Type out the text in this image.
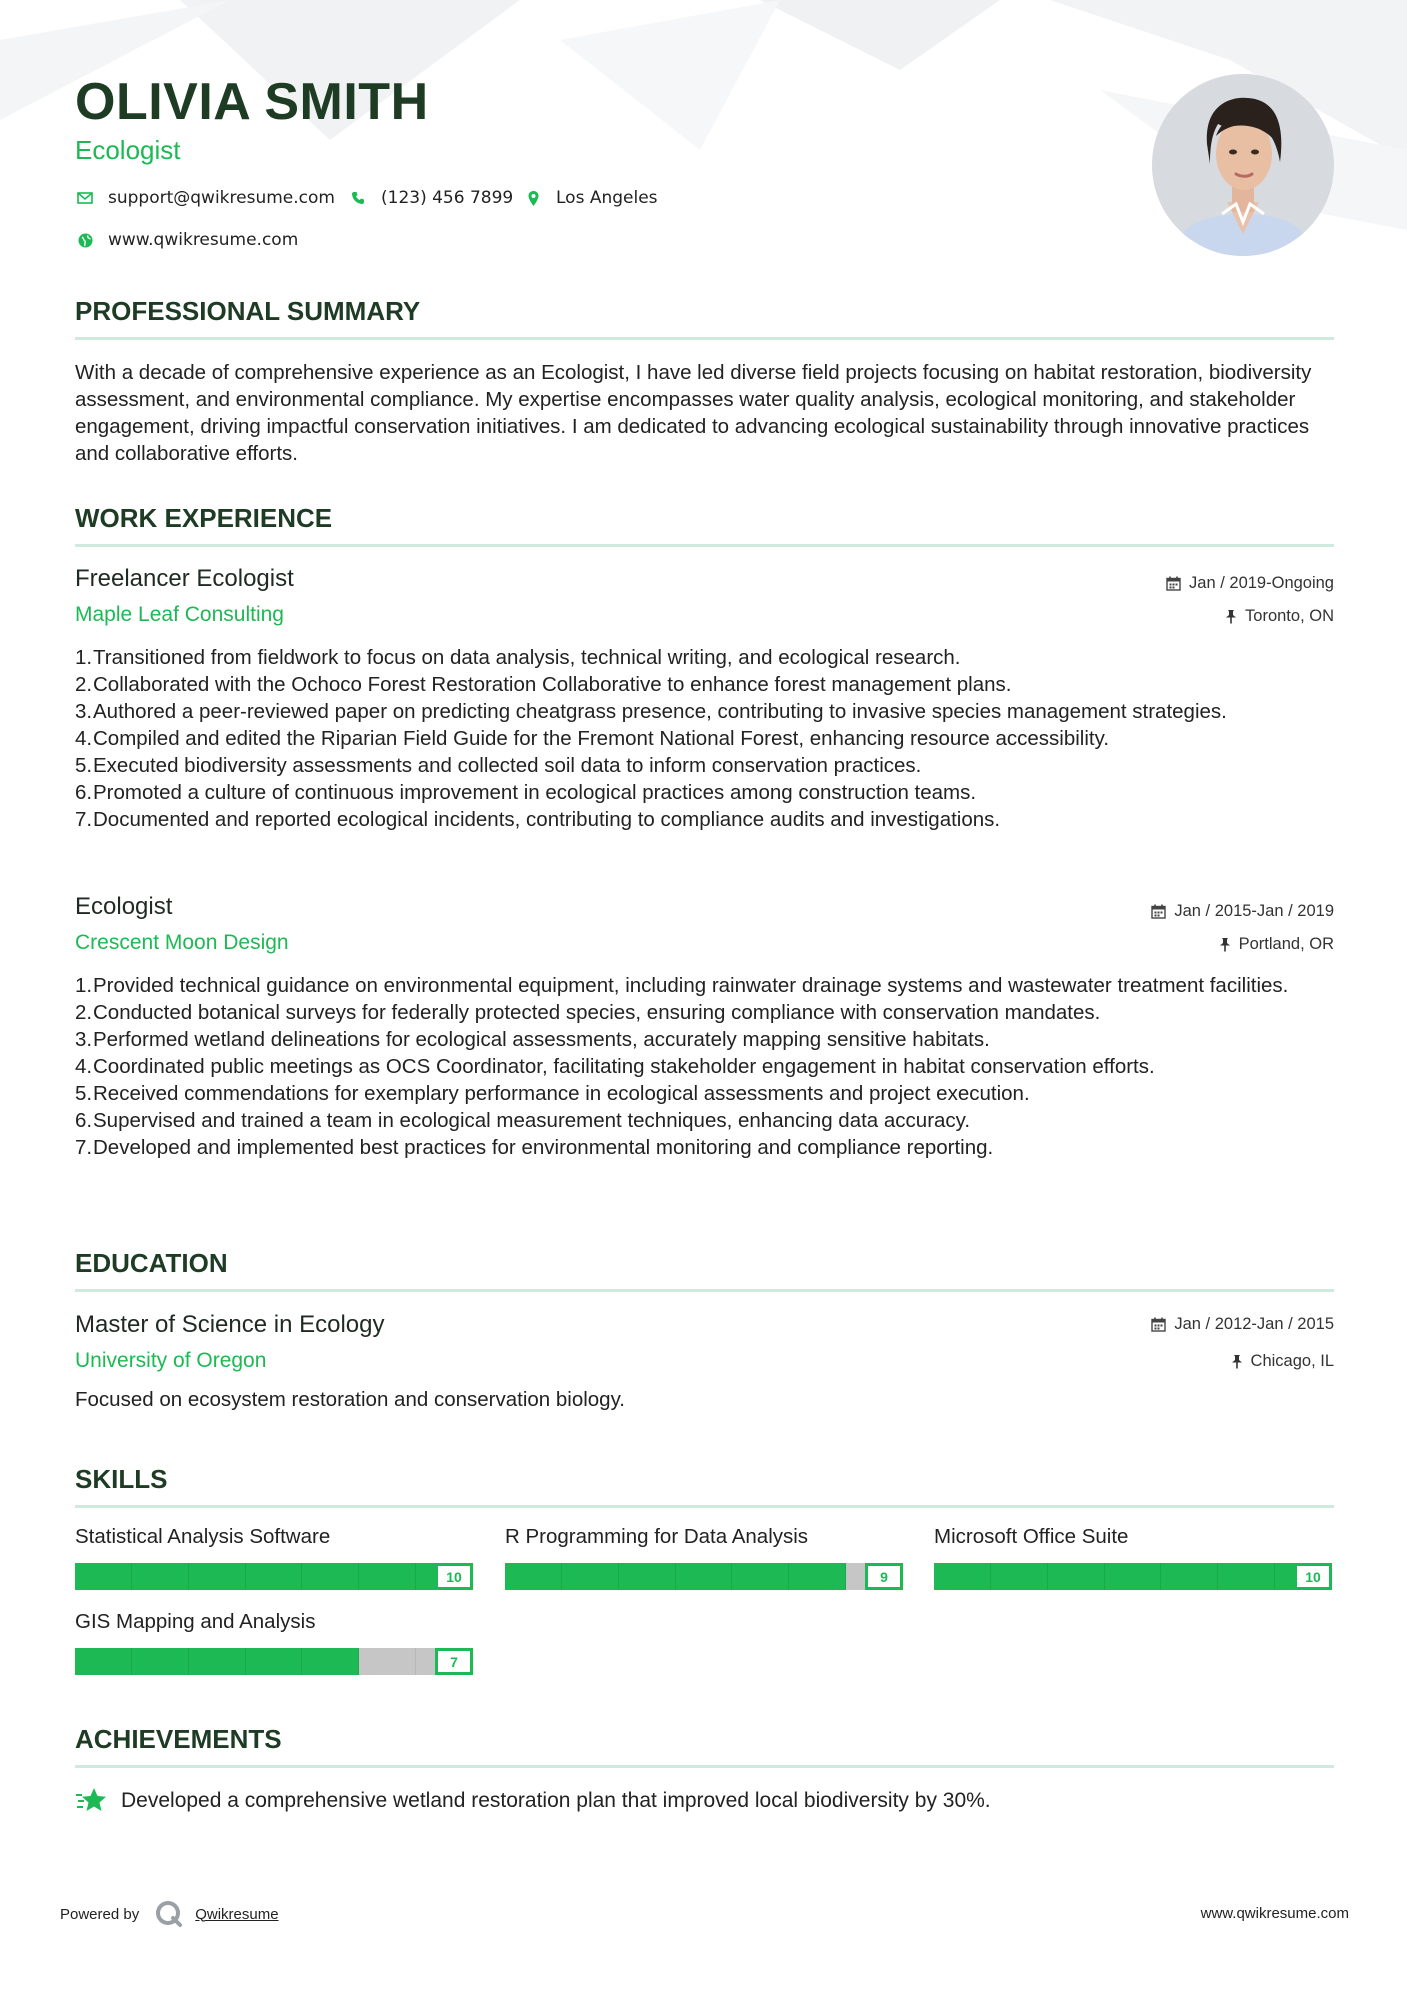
OLIVIA SMITH
Ecologist
support@qwikresume.com	(123) 456 7899	Los Angeles
www.qwikresume.com
PROFESSIONAL SUMMARY
With a decade of comprehensive experience as an Ecologist, I have led diverse field projects focusing on habitat restoration, biodiversity assessment, and environmental compliance. My expertise encompasses water quality analysis, ecological monitoring, and stakeholder engagement, driving impactful conservation initiatives. I am dedicated to advancing ecological sustainability through innovative practices and collaborative efforts.
WORK EXPERIENCE
Freelancer Ecologist	Jan / 2019-Ongoing
Maple Leaf Consulting	Toronto, ON
Transitioned from fieldwork to focus on data analysis, technical writing, and ecological research.
Collaborated with the Ochoco Forest Restoration Collaborative to enhance forest management plans.
Authored a peer-reviewed paper on predicting cheatgrass presence, contributing to invasive species management strategies.
Compiled and edited the Riparian Field Guide for the Fremont National Forest, enhancing resource accessibility.
Executed biodiversity assessments and collected soil data to inform conservation practices.
Promoted a culture of continuous improvement in ecological practices among construction teams.
Documented and reported ecological incidents, contributing to compliance audits and investigations.
Ecologist	Jan / 2015-Jan / 2019
Crescent Moon Design	Portland, OR
Provided technical guidance on environmental equipment, including rainwater drainage systems and wastewater treatment facilities.
Conducted botanical surveys for federally protected species, ensuring compliance with conservation mandates.
Performed wetland delineations for ecological assessments, accurately mapping sensitive habitats.
Coordinated public meetings as OCS Coordinator, facilitating stakeholder engagement in habitat conservation efforts.
Received commendations for exemplary performance in ecological assessments and project execution.
Supervised and trained a team in ecological measurement techniques, enhancing data accuracy.
Developed and implemented best practices for environmental monitoring and compliance reporting.
EDUCATION
Master of Science in Ecology	Jan / 2012-Jan / 2015
University of Oregon	Chicago, IL
Focused on ecosystem restoration and conservation biology.
SKILLS
Statistical Analysis Software
10
R Programming for Data Analysis
9
Microsoft Office Suite
10
GIS Mapping and Analysis
7
ACHIEVEMENTS
Developed a comprehensive wetland restoration plan that improved local biodiversity by 30%.
Powered by	Qwikresume	www.qwikresume.com
